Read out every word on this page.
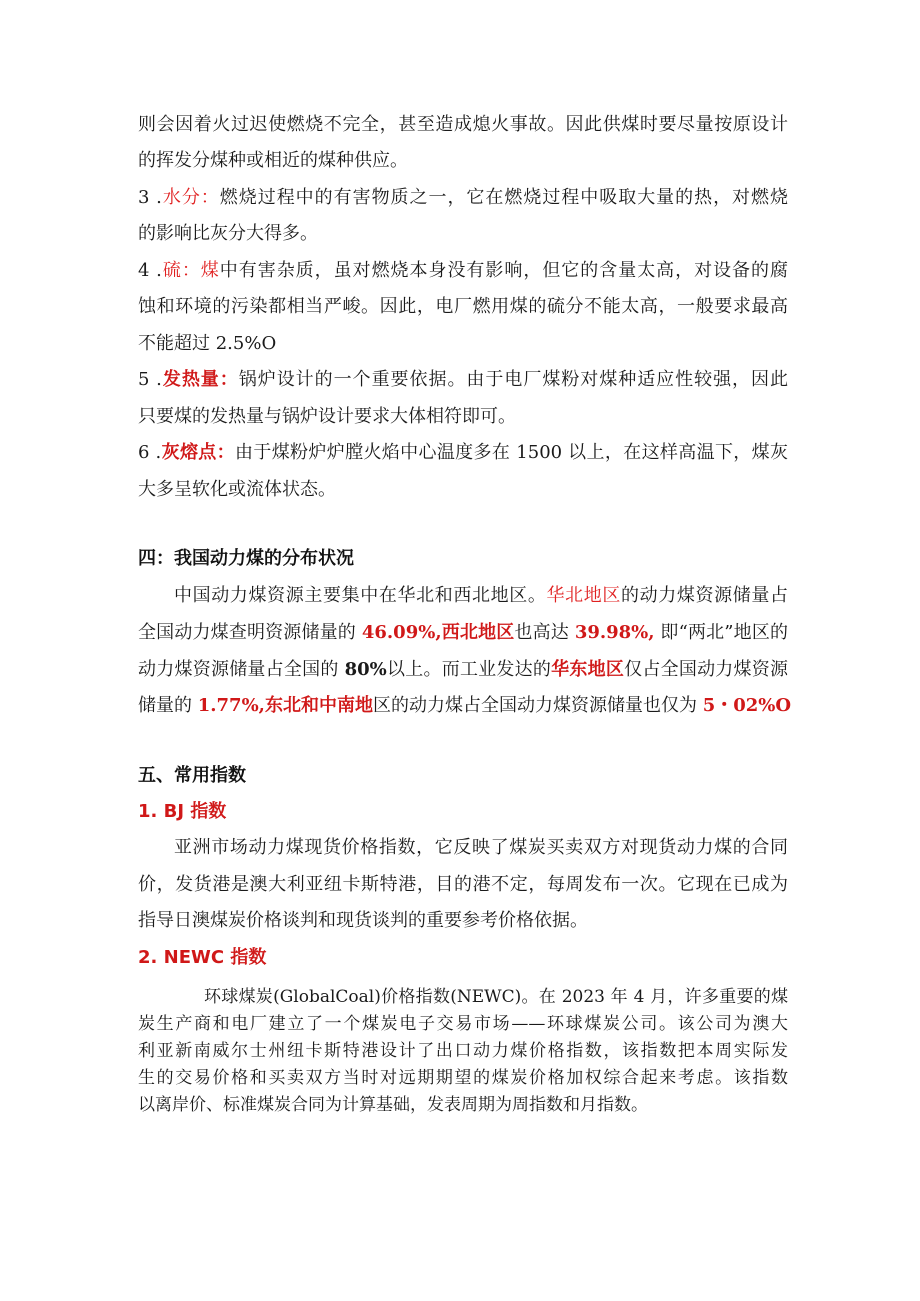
则会因着火过迟使燃烧不完全，甚至造成熄火事故。因此供煤时要尽量按原设计
的挥发分煤种或相近的煤种供应。
3 .水分：燃烧过程中的有害物质之一，它在燃烧过程中吸取大量的热，对燃烧
的影响比灰分大得多。
4 .硫：煤中有害杂质，虽对燃烧本身没有影响，但它的含量太高，对设备的腐
蚀和环境的污染都相当严峻。因此，电厂燃用煤的硫分不能太高，一般要求最高
不能超过 2.5%O
5 .发热量：锅炉设计的一个重要依据。由于电厂煤粉对煤种适应性较强，因此
只要煤的发热量与锅炉设计要求大体相符即可。
6 .灰熔点：由于煤粉炉炉膛火焰中心温度多在 1500 以上，在这样高温下，煤灰
大多呈软化或流体状态。
四：我国动力煤的分布状况
中国动力煤资源主要集中在华北和西北地区。华北地区的动力煤资源储量占
全国动力煤查明资源储量的 46.09%,西北地区也高达 39.98%, 即“两北”地区的
动力煤资源储量占全国的 80%以上。而工业发达的华东地区仅占全国动力煤资源
储量的 1.77%,东北和中南地区的动力煤占全国动力煤资源储量也仅为 5・02%O
五、常用指数
1. BJ 指数
亚洲市场动力煤现货价格指数，它反映了煤炭买卖双方对现货动力煤的合同
价，发货港是澳大利亚纽卡斯特港，目的港不定，每周发布一次。它现在已成为
指导日澳煤炭价格谈判和现货谈判的重要参考价格依据。
2. NEWC 指数
环球煤炭(GlobalCoal)价格指数(NEWC)。在 2023 年 4 月，许多重要的煤
炭生产商和电厂建立了一个煤炭电子交易市场——环球煤炭公司。该公司为澳大
利亚新南威尔士州纽卡斯特港设计了出口动力煤价格指数，该指数把本周实际发
生的交易价格和买卖双方当时对远期期望的煤炭价格加权综合起来考虑。该指数
以离岸价、标准煤炭合同为计算基础，发表周期为周指数和月指数。
